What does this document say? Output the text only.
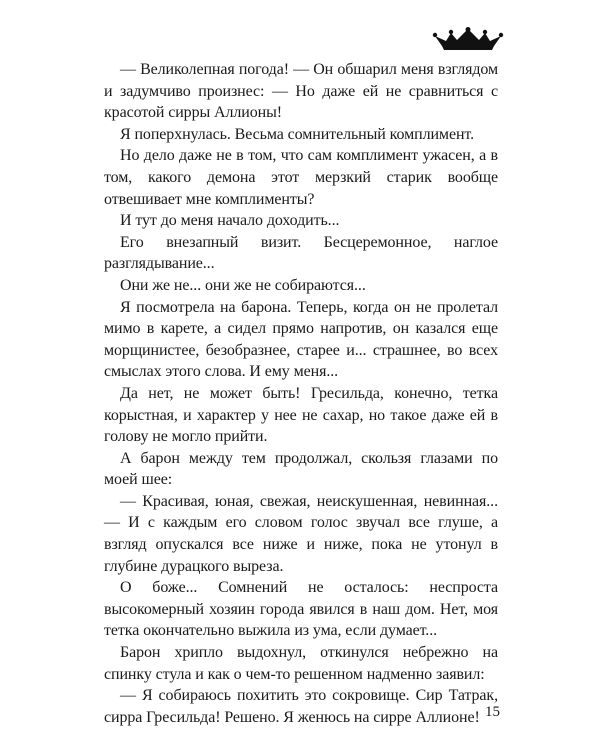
— Великолепная погода! — Он обшарил меня взглядом и задумчиво произнес: — Но даже ей не сравниться с красотой сирры Аллионы!

Я поперхнулась. Весьма сомнительный комплимент.

Но дело даже не в том, что сам комплимент ужасен, а в том, какого демона этот мерзкий старик вообще отвешивает мне комплименты?

И тут до меня начало доходить...

Его внезапный визит. Бесцеремонное, наглое разглядывание...

Они же не... они же не собираются...

Я посмотрела на барона. Теперь, когда он не пролетал мимо в карете, а сидел прямо напротив, он казался еще морщинистее, безобразнее, старее и... страшнее, во всех смыслах этого слова. И ему меня...

Да нет, не может быть! Гресильда, конечно, тетка корыстная, и характер у нее не сахар, но такое даже ей в голову не могло прийти.

А барон между тем продолжал, скользя глазами по моей шее:

— Красивая, юная, свежая, неискушенная, невинная... — И с каждым его словом голос звучал все глуше, а взгляд опускался все ниже и ниже, пока не утонул в глубине дурацкого выреза.

О боже... Сомнений не осталось: неспроста высокомерный хозяин города явился в наш дом. Нет, моя тетка окончательно выжила из ума, если думает...

Барон хрипло выдохнул, откинулся небрежно на спинку стула и как о чем-то решенном надменно заявил:

— Я собираюсь похитить это сокровище. Сир Татрак, сирра Гресильда! Решено. Я женюсь на сирре Аллионе! 15
